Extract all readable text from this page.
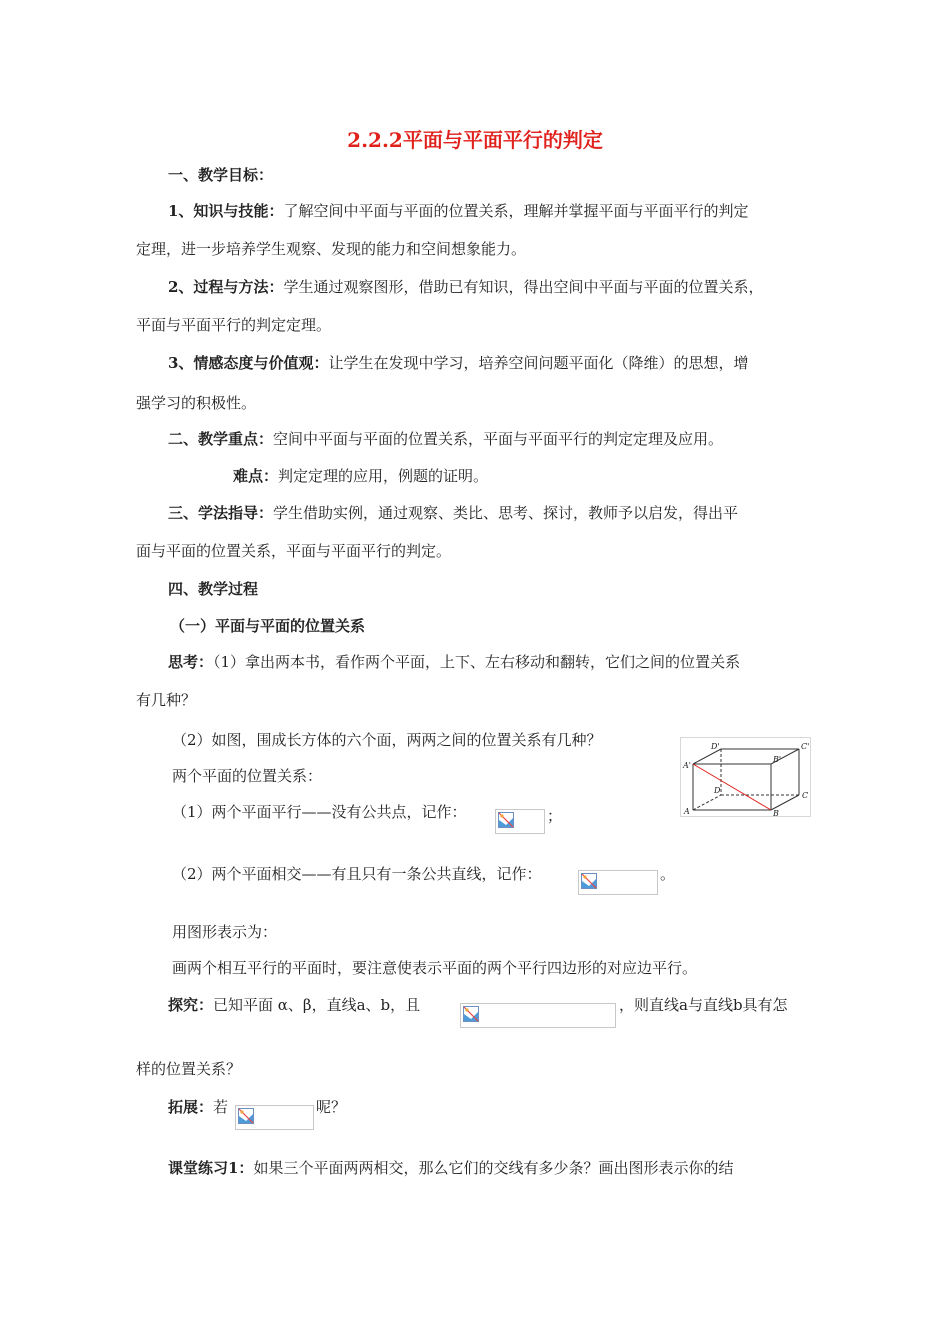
2.2.2平面与平面平行的判定
一、教学目标：
1、知识与技能：了解空间中平面与平面的位置关系，理解并掌握平面与平面平行的判定
定理，进一步培养学生观察、发现的能力和空间想象能力。
2、过程与方法：学生通过观察图形，借助已有知识，得出空间中平面与平面的位置关系，
平面与平面平行的判定定理。
3、情感态度与价值观：让学生在发现中学习，培养空间问题平面化（降维）的思想，增
强学习的积极性。
二、教学重点：空间中平面与平面的位置关系，平面与平面平行的判定定理及应用。
难点：判定定理的应用，例题的证明。
三、学法指导：学生借助实例，通过观察、类比、思考、探讨，教师予以启发，得出平
面与平面的位置关系，平面与平面平行的判定。
四、教学过程
（一）平面与平面的位置关系
思考：（1）拿出两本书，看作两个平面，上下、左右移动和翻转，它们之间的位置关系
有几种？
（2）如图，围成长方体的六个面，两两之间的位置关系有几种？
两个平面的位置关系：
（1）两个平面平行——没有公共点，记作：	；
（2）两个平面相交——有且只有一条公共直线，记作：	。
用图形表示为：
画两个相互平行的平面时，要注意使表示平面的两个平行四边形的对应边平行。
探究：已知平面 α、β，直线a、b，且	，则直线a与直线b具有怎
样的位置关系？
拓展：若	呢？
课堂练习1：如果三个平面两两相交，那么它们的交线有多少条？画出图形表示你的结
A'
B'
C'
D'
A	B
C
D
